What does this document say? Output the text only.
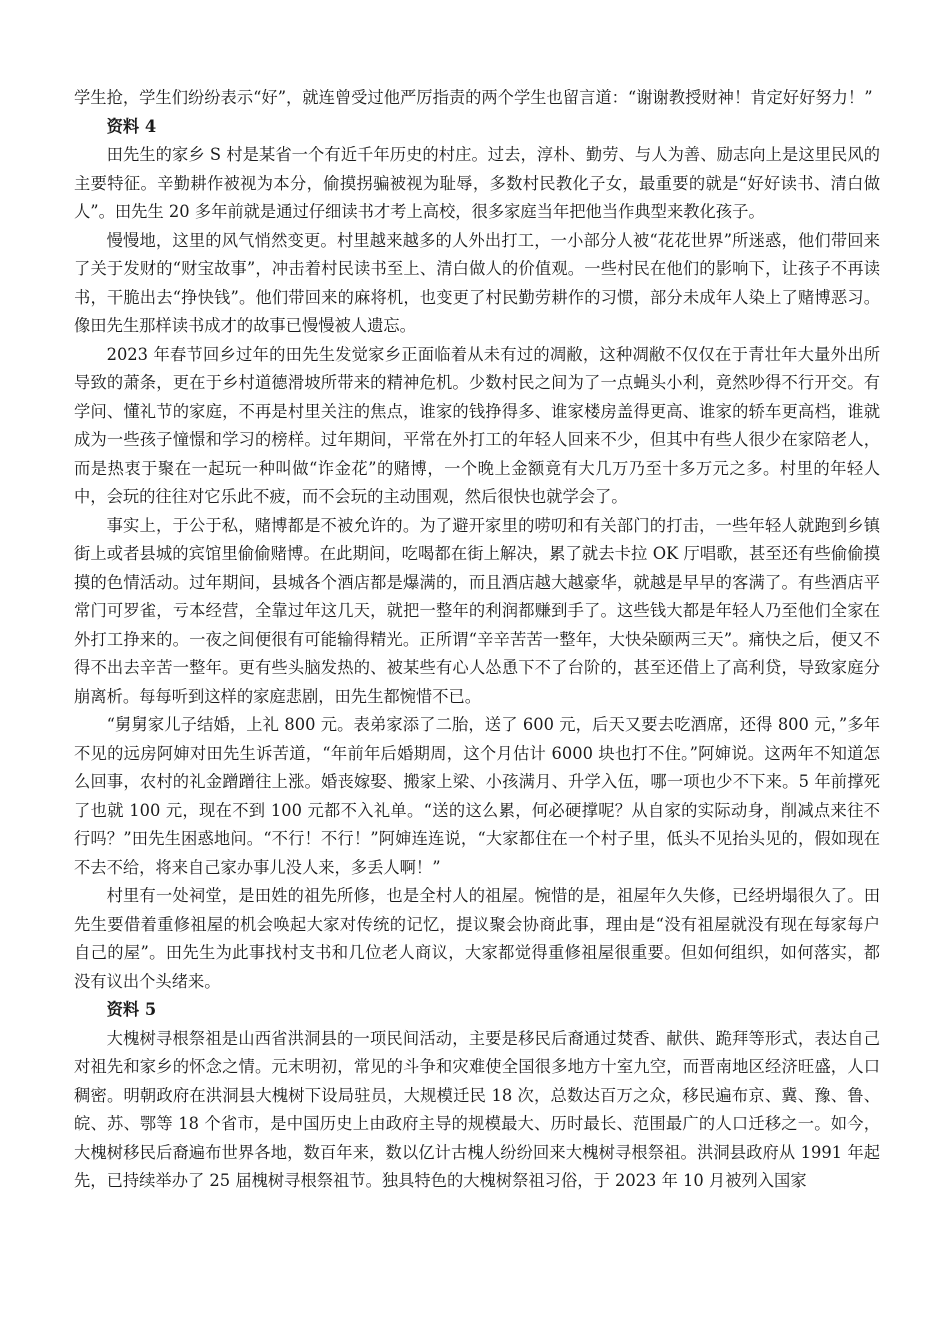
学生抢，学生们纷纷表示“好”，就连曾受过他严厉指责的两个学生也留言道：“谢谢教授财神！肯定好好努力！”

资料 4

田先生的家乡 S 村是某省一个有近千年历史的村庄。过去，淳朴、勤劳、与人为善、励志向上是这里民风的主要特征。辛勤耕作被视为本分，偷摸拐骗被视为耻辱，多数村民教化子女，最重要的就是“好好读书、清白做人”。田先生 20 多年前就是通过仔细读书才考上高校，很多家庭当年把他当作典型来教化孩子。

慢慢地，这里的风气悄然变更。村里越来越多的人外出打工，一小部分人被“花花世界”所迷惑，他们带回来了关于发财的“财宝故事”，冲击着村民读书至上、清白做人的价值观。一些村民在他们的影响下，让孩子不再读书，干脆出去“挣快钱”。他们带回来的麻将机，也变更了村民勤劳耕作的习惯，部分未成年人染上了赌博恶习。像田先生那样读书成才的故事已慢慢被人遗忘。

2023 年春节回乡过年的田先生发觉家乡正面临着从未有过的凋敝，这种凋敝不仅仅在于青壮年大量外出所导致的萧条，更在于乡村道德滑坡所带来的精神危机。少数村民之间为了一点蝇头小利，竟然吵得不行开交。有学问、懂礼节的家庭，不再是村里关注的焦点，谁家的钱挣得多、谁家楼房盖得更高、谁家的轿车更高档，谁就成为一些孩子憧憬和学习的榜样。过年期间，平常在外打工的年轻人回来不少，但其中有些人很少在家陪老人，而是热衷于聚在一起玩一种叫做“诈金花”的赌博，一个晚上金额竟有大几万乃至十多万元之多。村里的年轻人中，会玩的往往对它乐此不疲，而不会玩的主动围观，然后很快也就学会了。

事实上，于公于私，赌博都是不被允许的。为了避开家里的唠叨和有关部门的打击，一些年轻人就跑到乡镇街上或者县城的宾馆里偷偷赌博。在此期间，吃喝都在街上解决，累了就去卡拉 OK 厅唱歌，甚至还有些偷偷摸摸的色情活动。过年期间，县城各个酒店都是爆满的，而且酒店越大越豪华，就越是早早的客满了。有些酒店平常门可罗雀，亏本经营，全靠过年这几天，就把一整年的利润都赚到手了。这些钱大都是年轻人乃至他们全家在外打工挣来的。一夜之间便很有可能输得精光。正所谓“辛辛苦苦一整年，大快朵颐两三天”。痛快之后，便又不得不出去辛苦一整年。更有些头脑发热的、被某些有心人怂恿下不了台阶的，甚至还借上了高利贷，导致家庭分崩离析。每每听到这样的家庭悲剧，田先生都惋惜不已。

“舅舅家儿子结婚，上礼 800 元。表弟家添了二胎，送了 600 元，后天又要去吃酒席，还得 800 元，”多年不见的远房阿婶对田先生诉苦道，“年前年后婚期周，这个月估计 6000 块也打不住。”阿婶说。这两年不知道怎么回事，农村的礼金蹭蹭往上涨。婚丧嫁娶、搬家上梁、小孩满月、升学入伍，哪一项也少不下来。5 年前撑死了也就 100 元，现在不到 100 元都不入礼单。“送的这么累，何必硬撑呢？从自家的实际动身，削减点来往不行吗？”田先生困惑地问。“不行！不行！”阿婶连连说，“大家都住在一个村子里，低头不见抬头见的，假如现在不去不给，将来自己家办事儿没人来，多丢人啊！”

村里有一处祠堂，是田姓的祖先所修，也是全村人的祖屋。惋惜的是，祖屋年久失修，已经坍塌很久了。田先生要借着重修祖屋的机会唤起大家对传统的记忆，提议聚会协商此事，理由是“没有祖屋就没有现在每家每户自己的屋”。田先生为此事找村支书和几位老人商议，大家都觉得重修祖屋很重要。但如何组织，如何落实，都没有议出个头绪来。

资料 5

大槐树寻根祭祖是山西省洪洞县的一项民间活动，主要是移民后裔通过焚香、献供、跪拜等形式，表达自己对祖先和家乡的怀念之情。元末明初，常见的斗争和灾难使全国很多地方十室九空，而晋南地区经济旺盛，人口稠密。明朝政府在洪洞县大槐树下设局驻员，大规模迁民 18 次，总数达百万之众，移民遍布京、冀、豫、鲁、皖、苏、鄂等 18 个省市，是中国历史上由政府主导的规模最大、历时最长、范围最广的人口迁移之一。如今，大槐树移民后裔遍布世界各地，数百年来，数以亿计古槐人纷纷回来大槐树寻根祭祖。洪洞县政府从 1991 年起先，已持续举办了 25 届槐树寻根祭祖节。独具特色的大槐树祭祖习俗，于 2023 年 10 月被列入国家
